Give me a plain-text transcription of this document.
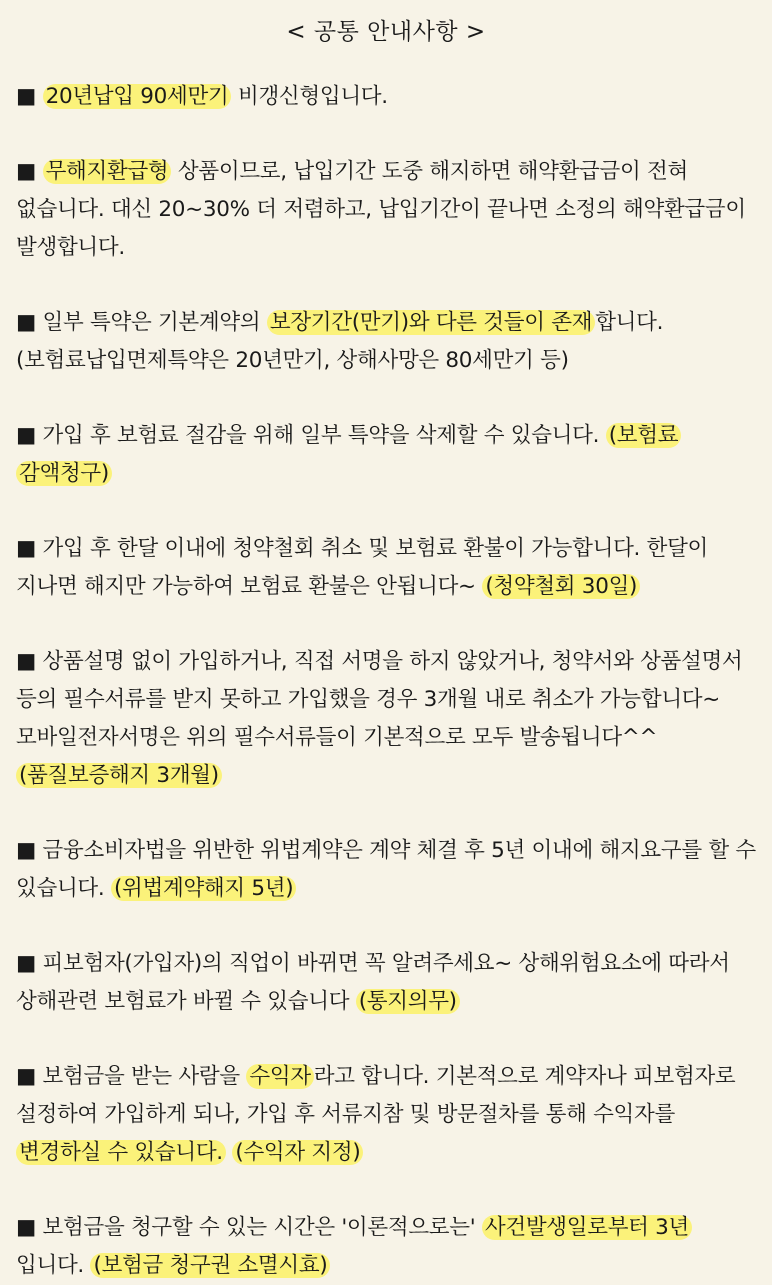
< 공통 안내사항 >
■ 20년납입 90세만기 비갱신형입니다.
■ 무해지환급형 상품이므로, 납입기간 도중 해지하면 해약환급금이 전혀 없습니다. 대신 20~30% 더 저렴하고, 납입기간이 끝나면 소정의 해약환급금이 발생합니다.
■ 일부 특약은 기본계약의 보장기간(만기)와 다른 것들이 존재 합니다. (보험료납입면제특약은 20년만기, 상해사망은 80세만기 등)
■ 가입 후 보험료 절감을 위해 일부 특약을 삭제할 수 있습니다. (보험료 감액청구)
■ 가입 후 한달 이내에 청약철회 취소 및 보험료 환불이 가능합니다. 한달이 지나면 해지만 가능하여 보험료 환불은 안됩니다~ (청약철회 30일)
■ 상품설명 없이 가입하거나, 직접 서명을 하지 않았거나, 청약서와 상품설명서 등의 필수서류를 받지 못하고 가입했을 경우 3개월 내로 취소가 가능합니다~ 모바일전자서명은 위의 필수서류들이 기본적으로 모두 발송됩니다^^ (품질보증해지 3개월)
■ 금융소비자법을 위반한 위법계약은 계약 체결 후 5년 이내에 해지요구를 할 수 있습니다. (위법계약해지 5년)
■ 피보험자(가입자)의 직업이 바뀌면 꼭 알려주세요~ 상해위험요소에 따라서 상해관련 보험료가 바뀔 수 있습니다 (통지의무)
■ 보험금을 받는 사람을 수익자 라고 합니다. 기본적으로 계약자나 피보험자로 설정하여 가입하게 되나, 가입 후 서류지참 및 방문절차를 통해 수익자를 변경하실 수 있습니다. (수익자 지정)
■ 보험금을 청구할 수 있는 시간은 '이론적으로는' 사건발생일로부터 3년 입니다. (보험금 청구권 소멸시효)
